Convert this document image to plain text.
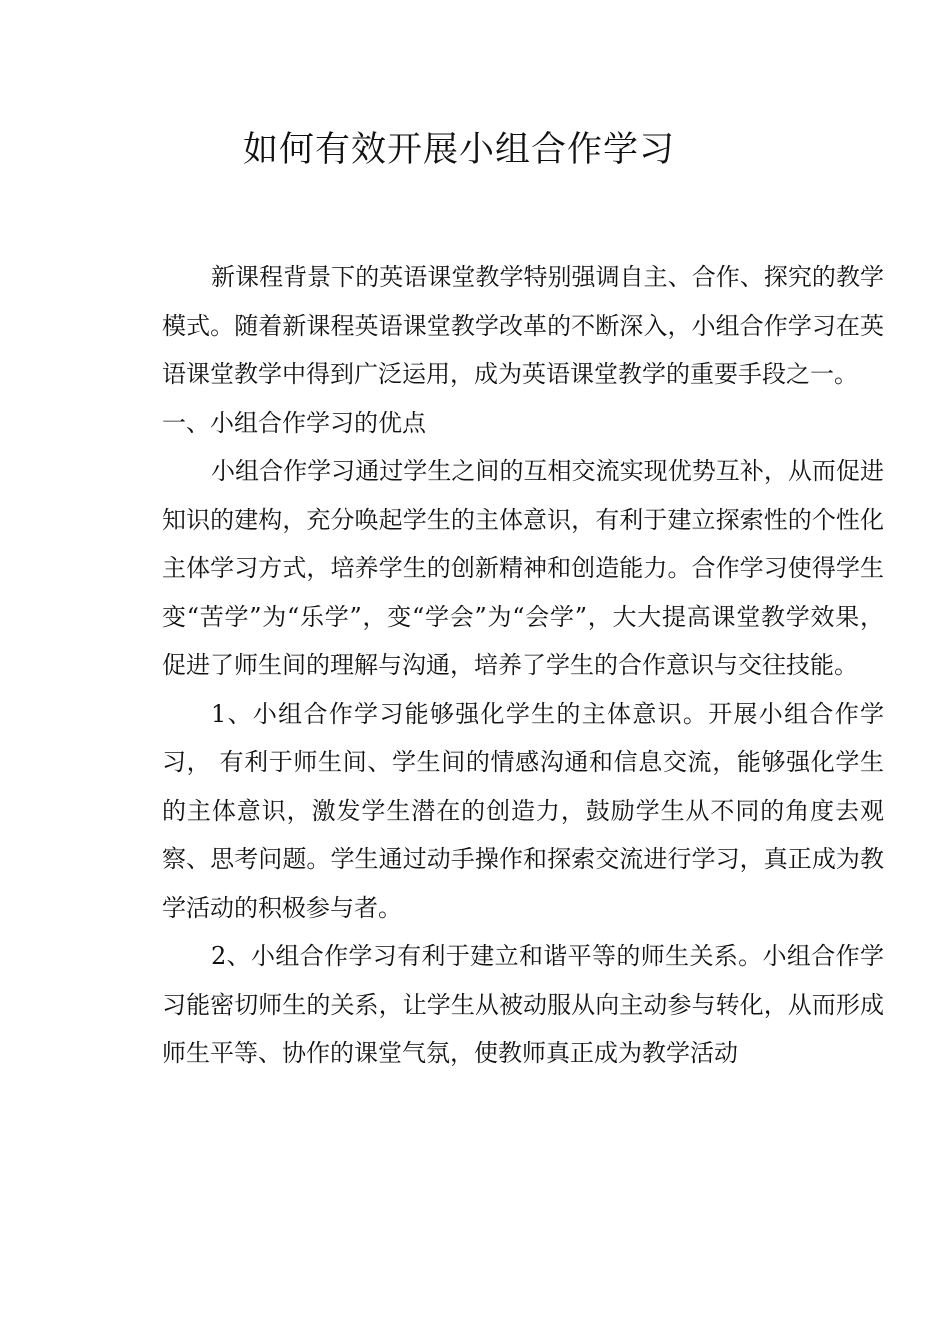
如何有效开展小组合作学习

新课程背景下的英语课堂教学特别强调自主、合作、探究的教学模式。随着新课程英语课堂教学改革的不断深入，小组合作学习在英语课堂教学中得到广泛运用，成为英语课堂教学的重要手段之一。

一、小组合作学习的优点

小组合作学习通过学生之间的互相交流实现优势互补，从而促进知识的建构，充分唤起学生的主体意识，有利于建立探索性的个性化主体学习方式，培养学生的创新精神和创造能力。合作学习使得学生变“苦学”为“乐学”，变“学会”为“会学”，大大提高课堂教学效果，促进了师生间的理解与沟通，培养了学生的合作意识与交往技能。

1、小组合作学习能够强化学生的主体意识。开展小组合作学习， 有利于师生间、学生间的情感沟通和信息交流，能够强化学生的主体意识，激发学生潜在的创造力，鼓励学生从不同的角度去观察、思考问题。学生通过动手操作和探索交流进行学习，真正成为教学活动的积极参与者。

2、小组合作学习有利于建立和谐平等的师生关系。小组合作学习能密切师生的关系，让学生从被动服从向主动参与转化，从而形成师生平等、协作的课堂气氛，使教师真正成为教学活动
